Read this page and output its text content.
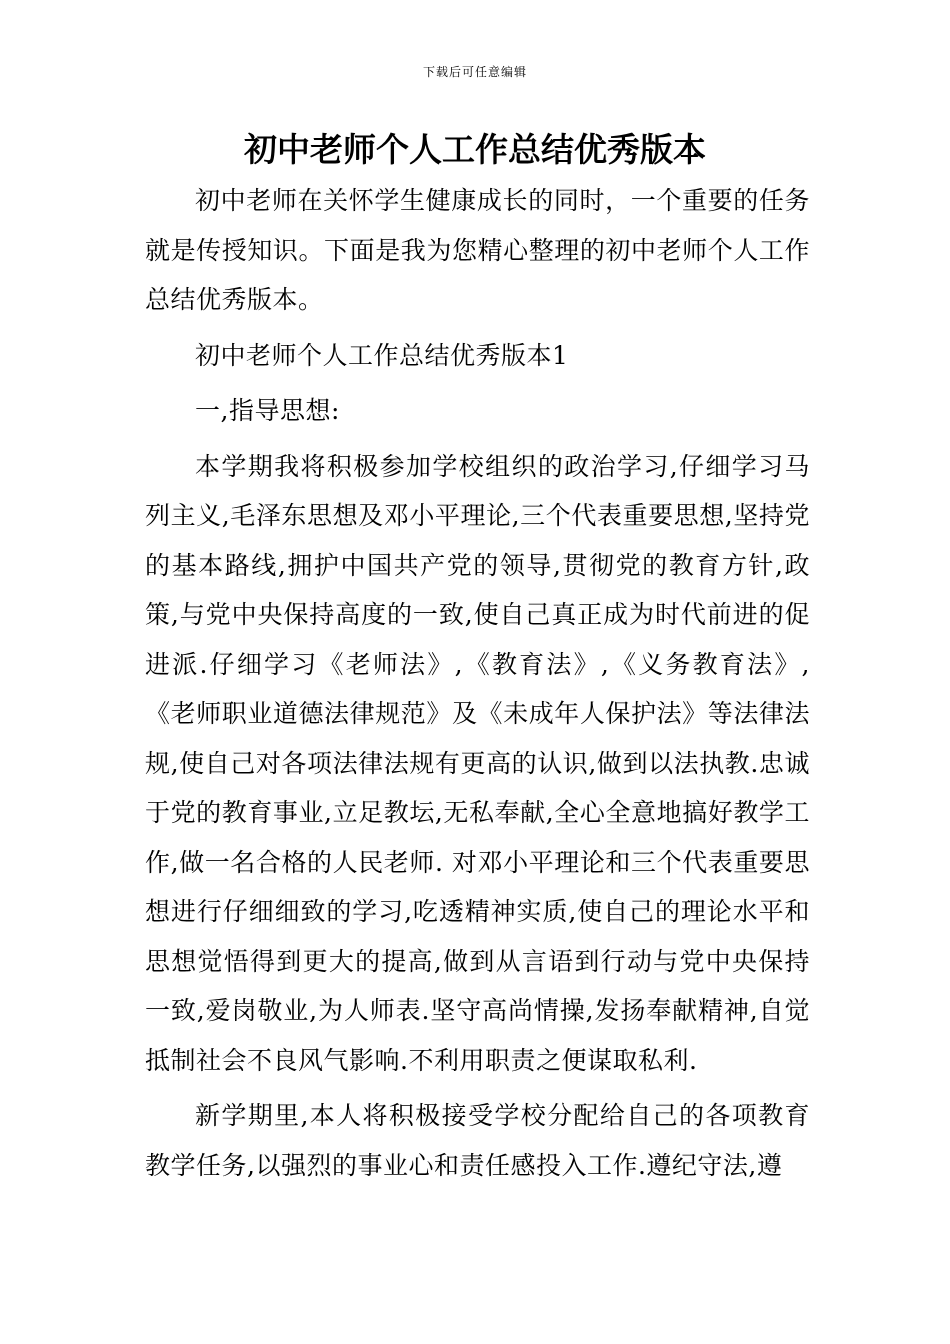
下载后可任意编辑
初中老师个人工作总结优秀版本

初中老师在关怀学生健康成长的同时，一个重要的任务就是传授知识。下面是我为您精心整理的初中老师个人工作总结优秀版本。

初中老师个人工作总结优秀版本1

一,指导思想:

本学期我将积极参加学校组织的政治学习,仔细学习马列主义,毛泽东思想及邓小平理论,三个代表重要思想,坚持党的基本路线,拥护中国共产党的领导,贯彻党的教育方针,政策,与党中央保持高度的一致,使自己真正成为时代前进的促进派.仔细学习《老师法》,《教育法》,《义务教育法》,《老师职业道德法律规范》及《未成年人保护法》等法律法规,使自己对各项法律法规有更高的认识,做到以法执教.忠诚于党的教育事业,立足教坛,无私奉献,全心全意地搞好教学工作,做一名合格的人民老师. 对邓小平理论和三个代表重要思想进行仔细细致的学习,吃透精神实质,使自己的理论水平和思想觉悟得到更大的提高,做到从言语到行动与党中央保持一致,爱岗敬业,为人师表.坚守高尚情操,发扬奉献精神,自觉抵制社会不良风气影响.不利用职责之便谋取私利.

新学期里,本人将积极接受学校分配给自己的各项教育教学任务,以强烈的事业心和责任感投入工作.遵纪守法,遵
